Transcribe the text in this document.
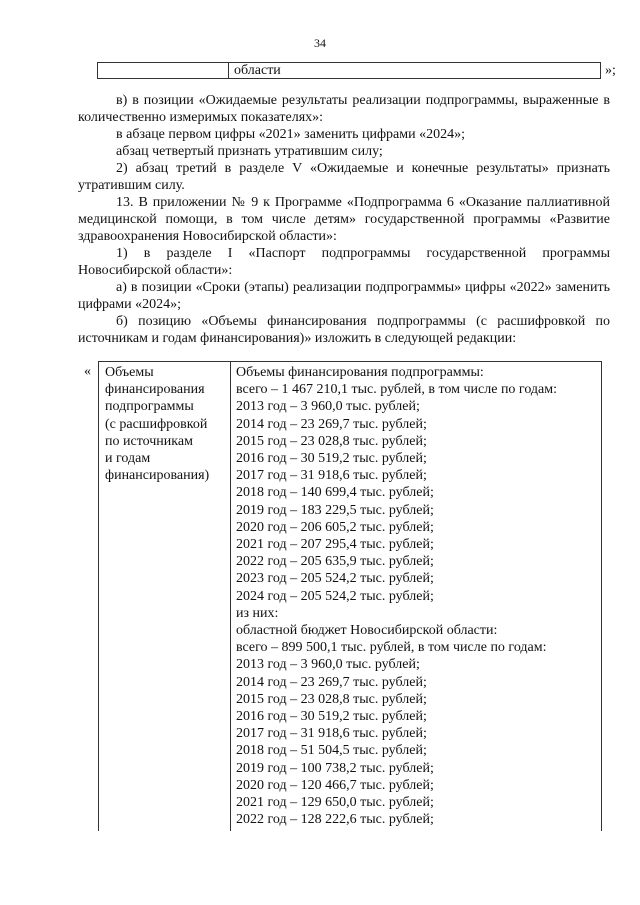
34
области	»;

в) в позиции «Ожидаемые результаты реализации подпрограммы, выраженные в количественно измеримых показателях»:

в абзаце первом цифры «2021» заменить цифрами «2024»;

абзац четвертый признать утратившим силу;

2) абзац третий в разделе V «Ожидаемые и конечные результаты» признать утратившим силу.

13. В приложении № 9 к Программе «Подпрограмма 6 «Оказание паллиативной медицинской помощи, в том числе детям» государственной программы «Развитие здравоохранения Новосибирской области»:

1) в разделе I «Паспорт подпрограммы государственной программы Новосибирской области»:

а) в позиции «Сроки (этапы) реализации подпрограммы» цифры «2022» заменить цифрами «2024»;

б) позицию «Объемы финансирования подпрограммы (с расшифровкой по источникам и годам финансирования)» изложить в следующей редакции:

« Объемы
финансирования
подпрограммы
(с расшифровкой
по источникам
и годам
финансирования)
Объемы финансирования подпрограммы:
всего – 1 467 210,1 тыс. рублей, в том числе по годам:
2013 год – 3 960,0 тыс. рублей;
2014 год – 23 269,7 тыс. рублей;
2015 год – 23 028,8 тыс. рублей;
2016 год – 30 519,2 тыс. рублей;
2017 год – 31 918,6 тыс. рублей;
2018 год – 140 699,4 тыс. рублей;
2019 год – 183 229,5 тыс. рублей;
2020 год – 206 605,2 тыс. рублей;
2021 год – 207 295,4 тыс. рублей;
2022 год – 205 635,9 тыс. рублей;
2023 год – 205 524,2 тыс. рублей;
2024 год – 205 524,2 тыс. рублей;
из них:
областной бюджет Новосибирской области:
всего – 899 500,1 тыс. рублей, в том числе по годам:
2013 год – 3 960,0 тыс. рублей;
2014 год – 23 269,7 тыс. рублей;
2015 год – 23 028,8 тыс. рублей;
2016 год – 30 519,2 тыс. рублей;
2017 год – 31 918,6 тыс. рублей;
2018 год – 51 504,5 тыс. рублей;
2019 год – 100 738,2 тыс. рублей;
2020 год – 120 466,7 тыс. рублей;
2021 год – 129 650,0 тыс. рублей;
2022 год – 128 222,6 тыс. рублей;
